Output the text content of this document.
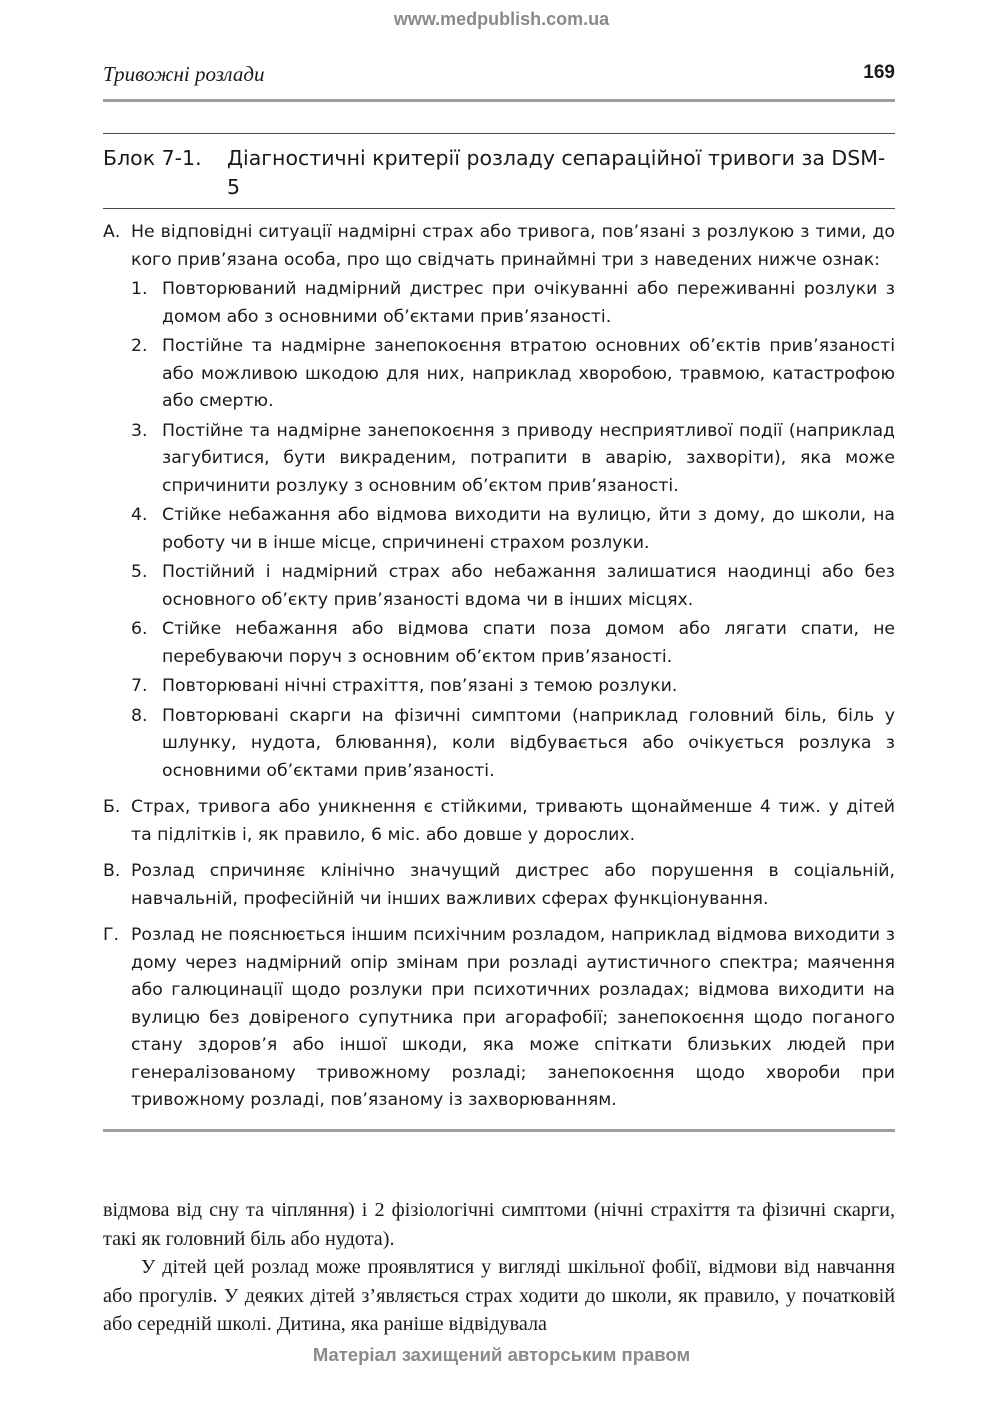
www.medpublish.com.ua
Тривожні розлади	169
Блок 7-1.	Діагностичні критерії розладу сепараційної тривоги за DSM-5
А. Не відповідні ситуації надмірні страх або тривога, пов’язані з розлукою з тими, до кого прив’язана особа, про що свідчать принаймні три з наведених нижче ознак:
1. Повторюваний надмірний дистрес при очікуванні або переживанні розлуки з домом або з основними об’єктами прив’язаності.
2. Постійне та надмірне занепокоєння втратою основних об’єктів прив’язаності або можливою шкодою для них, наприклад хворобою, травмою, катастрофою або смертю.
3. Постійне та надмірне занепокоєння з приводу несприятливої події (наприклад загубитися, бути викраденим, потрапити в аварію, захворіти), яка може спричинити розлуку з основним об’єктом прив’язаності.
4. Стійке небажання або відмова виходити на вулицю, йти з дому, до школи, на роботу чи в інше місце, спричинені страхом розлуки.
5. Постійний і надмірний страх або небажання залишатися наодинці або без основного об’єкту прив’язаності вдома чи в інших місцях.
6. Стійке небажання або відмова спати поза домом або лягати спати, не перебуваючи поруч з основним об’єктом прив’язаності.
7. Повторювані нічні страхіття, пов’язані з темою розлуки.
8. Повторювані скарги на фізичні симптоми (наприклад головний біль, біль у шлунку, нудота, блювання), коли відбувається або очікується розлука з основними об’єктами прив’язаності.
Б. Страх, тривога або уникнення є стійкими, тривають щонайменше 4 тиж. у дітей та підлітків і, як правило, 6 міс. або довше у дорослих.
В. Розлад спричиняє клінічно значущий дистрес або порушення в соціальній, навчальній, професійній чи інших важливих сферах функціонування.
Г. Розлад не пояснюється іншим психічним розладом, наприклад відмова виходити з дому через надмірний опір змінам при розладі аутистичного спектра; маячення або галюцинації щодо розлуки при психотичних розладах; відмова виходити на вулицю без довіреного супутника при агорафобії; занепокоєння щодо поганого стану здоров’я або іншої шкоди, яка може спіткати близьких людей при генералізованому тривожному розладі; занепокоєння щодо хвороби при тривожному розладі, пов’язаному із захворюванням.

відмова від сну та чіпляння) і 2 фізіологічні симптоми (нічні страхіття та фізичні скарги, такі як головний біль або нудота).

У дітей цей розлад може проявлятися у вигляді шкільної фобії, відмови від навчання або прогулів. У деяких дітей з’являється страх ходити до школи, як правило, у початковій або середній школі. Дитина, яка раніше відвідувала

Матеріал захищений авторським правом
